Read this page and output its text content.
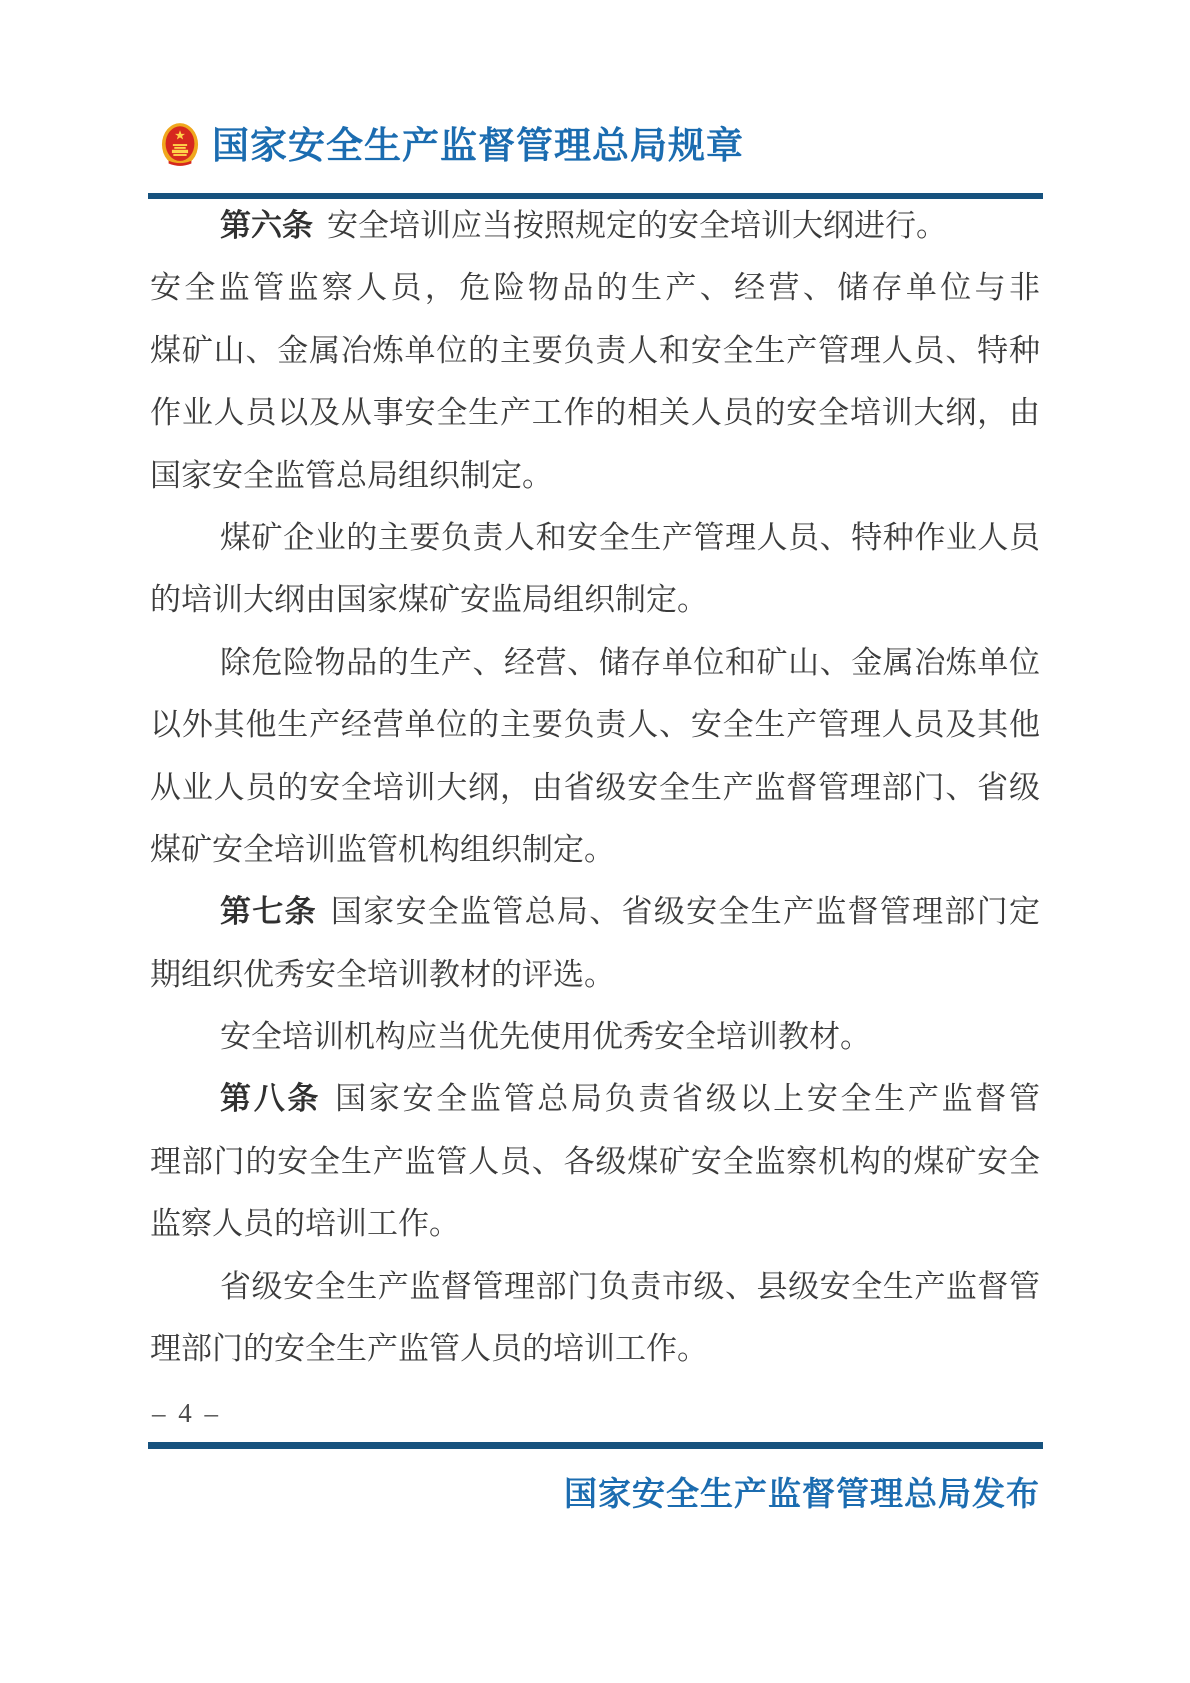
国家安全生产监督管理总局规章
第六条 安全培训应当按照规定的安全培训大纲进行。
安全监管监察人员，危险物品的生产、经营、储存单位与非
煤矿山、金属冶炼单位的主要负责人和安全生产管理人员、特种
作业人员以及从事安全生产工作的相关人员的安全培训大纲，由
国家安全监管总局组织制定。
煤矿企业的主要负责人和安全生产管理人员、特种作业人员
的培训大纲由国家煤矿安监局组织制定。
除危险物品的生产、经营、储存单位和矿山、金属冶炼单位
以外其他生产经营单位的主要负责人、安全生产管理人员及其他
从业人员的安全培训大纲，由省级安全生产监督管理部门、省级
煤矿安全培训监管机构组织制定。
第七条 国家安全监管总局、省级安全生产监督管理部门定
期组织优秀安全培训教材的评选。
安全培训机构应当优先使用优秀安全培训教材。
第八条 国家安全监管总局负责省级以上安全生产监督管
理部门的安全生产监管人员、各级煤矿安全监察机构的煤矿安全
监察人员的培训工作。
省级安全生产监督管理部门负责市级、县级安全生产监督管
理部门的安全生产监管人员的培训工作。
– 4 –
国家安全生产监督管理总局发布
